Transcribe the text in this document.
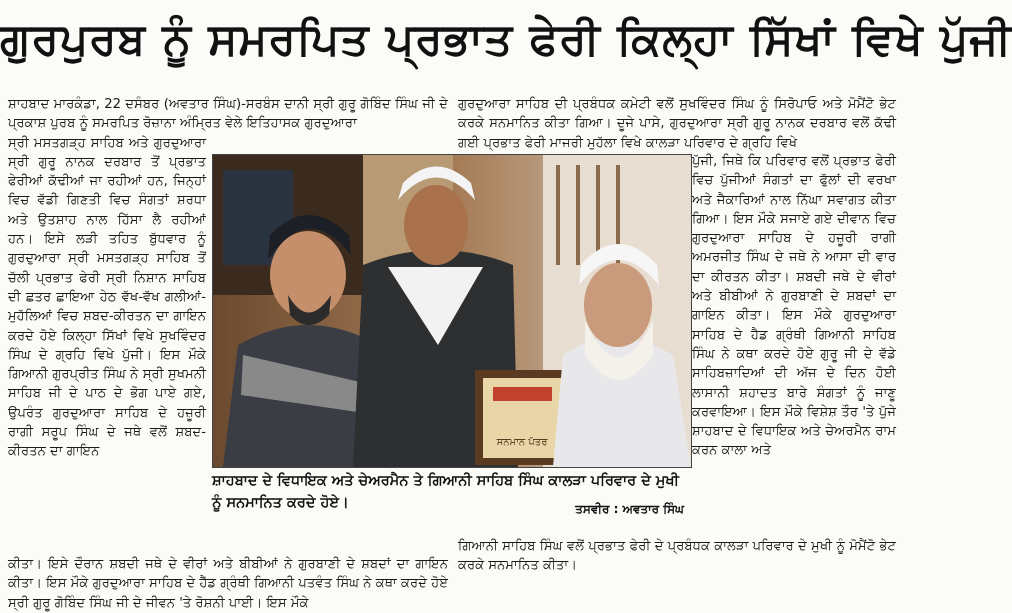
ਗੁਰਪੁਰਬ ਨੂੰ ਸਮਰਪਿਤ ਪ੍ਰਭਾਤ ਫੇਰੀ ਕਿਲ੍ਹਾ ਸਿੱਖਾਂ ਵਿਖੇ ਪੁੱਜੀ

ਸ਼ਾਹਬਾਦ ਮਾਰਕੰਡਾ, 22 ਦਸੰਬਰ (ਅਵਤਾਰ ਸਿੰਘ)-ਸਰਬੰਸ ਦਾਨੀ ਸ੍ਰੀ ਗੁਰੂ ਗੋਬਿੰਦ ਸਿੰਘ ਜੀ ਦੇ ਪ੍ਰਕਾਸ਼ ਪੁਰਬ ਨੂੰ ਸਮਰਪਿਤ ਰੋਜ਼ਾਨਾ ਅੰਮ੍ਰਿਤ ਵੇਲੇ ਇਤਿਹਾਸਕ ਗੁਰਦੁਆਰਾ

ਸ੍ਰੀ ਮਸਤਗੜ੍ਹ ਸਾਹਿਬ ਅਤੇ ਗੁਰਦੁਆਰਾ ਸ੍ਰੀ ਗੁਰੂ ਨਾਨਕ ਦਰਬਾਰ ਤੋਂ ਪ੍ਰਭਾਤ ਫੇਰੀਆਂ ਕੱਢੀਆਂ ਜਾ ਰਹੀਆਂ ਹਨ, ਜਿਨ੍ਹਾਂ ਵਿਚ ਵੱਡੀ ਗਿਣਤੀ ਵਿਚ ਸੰਗਤਾਂ ਸ਼ਰਧਾ ਅਤੇ ਉਤਸ਼ਾਹ ਨਾਲ ਹਿੱਸਾ ਲੈ ਰਹੀਆਂ ਹਨ। ਇਸੇ ਲੜੀ ਤਹਿਤ ਬੁੱਧਵਾਰ ਨੂੰ ਗੁਰਦੁਆਰਾ ਸ੍ਰੀ ਮਸਤਗੜ੍ਹ ਸਾਹਿਬ ਤੋਂ ਚੱਲੀ ਪ੍ਰਭਾਤ ਫੇਰੀ ਸ੍ਰੀ ਨਿਸ਼ਾਨ ਸਾਹਿਬ ਦੀ ਛਤਰ ਛਾਇਆ ਹੇਠ ਵੱਖ-ਵੱਖ ਗਲੀਆਂ-ਮੁਹੱਲਿਆਂ ਵਿਚ ਸ਼ਬਦ-ਕੀਰਤਨ ਦਾ ਗਾਇਨ ਕਰਦੇ ਹੋਏ ਕਿਲ੍ਹਾ ਸਿੱਖਾਂ ਵਿਖੇ ਸੁਖਵਿੰਦਰ ਸਿੰਘ ਦੇ ਗ੍ਰਹਿ ਵਿਖੇ ਪੁੱਜੀ। ਇਸ ਮੌਕੇ ਗਿਆਨੀ ਗੁਰਪ੍ਰੀਤ ਸਿੰਘ ਨੇ ਸ੍ਰੀ ਸੁਖਮਨੀ ਸਾਹਿਬ ਜੀ ਦੇ ਪਾਠ ਦੇ ਭੋਗ ਪਾਏ ਗਏ, ਉਪਰੰਤ ਗੁਰਦੁਆਰਾ ਸਾਹਿਬ ਦੇ ਹਜ਼ੂਰੀ ਰਾਗੀ ਸਰੂਪ ਸਿੰਘ ਦੇ ਜਥੇ ਵਲੋਂ ਸ਼ਬਦ-ਕੀਰਤਨ ਦਾ ਗਾਇਨ

ਗੁਰਦੁਆਰਾ ਸਾਹਿਬ ਦੀ ਪ੍ਰਬੰਧਕ ਕਮੇਟੀ ਵਲੋਂ ਸੁਖਵਿੰਦਰ ਸਿੰਘ ਨੂੰ ਸਿਰੋਪਾਓ ਅਤੇ ਮੋਮੈਂਟੋ ਭੇਟ ਕਰਕੇ ਸਨਮਾਨਿਤ ਕੀਤਾ ਗਿਆ। ਦੂਜੇ ਪਾਸੇ, ਗੁਰਦੁਆਰਾ ਸ੍ਰੀ ਗੁਰੂ ਨਾਨਕ ਦਰਬਾਰ ਵਲੋਂ ਕੱਢੀ ਗਈ ਪ੍ਰਭਾਤ ਫੇਰੀ ਮਾਜਰੀ ਮੁਹੱਲਾ ਵਿਖੇ ਕਾਲੜਾ ਪਰਿਵਾਰ ਦੇ ਗ੍ਰਹਿ ਵਿਖੇ
ਪੁੱਜੀ, ਜਿਥੇ ਕਿ ਪਰਿਵਾਰ ਵਲੋਂ ਪ੍ਰਭਾਤ ਫੇਰੀ ਵਿਚ ਪੁੱਜੀਆਂ ਸੰਗਤਾਂ ਦਾ ਫੁੱਲਾਂ ਦੀ ਵਰਖਾ ਅਤੇ ਜੈਕਾਰਿਆਂ ਨਾਲ ਨਿੱਘਾ ਸਵਾਗਤ ਕੀਤਾ ਗਿਆ। ਇਸ ਮੌਕੇ ਸਜਾਏ ਗਏ ਦੀਵਾਨ ਵਿਚ ਗੁਰਦੁਆਰਾ ਸਾਹਿਬ ਦੇ ਹਜ਼ੂਰੀ ਰਾਗੀ ਅਮਰਜੀਤ ਸਿੰਘ ਦੇ ਜਥੇ ਨੇ ਆਸਾ ਦੀ ਵਾਰ ਦਾ ਕੀਰਤਨ ਕੀਤਾ। ਸ਼ਬਦੀ ਜਥੇ ਦੇ ਵੀਰਾਂ ਅਤੇ ਬੀਬੀਆਂ ਨੇ ਗੁਰਬਾਣੀ ਦੇ ਸ਼ਬਦਾਂ ਦਾ ਗਾਇਨ ਕੀਤਾ। ਇਸ ਮੌਕੇ ਗੁਰਦੁਆਰਾ ਸਾਹਿਬ ਦੇ ਹੈਡ ਗ੍ਰੰਥੀ ਗਿਆਨੀ ਸਾਹਿਬ ਸਿੰਘ ਨੇ ਕਥਾ ਕਰਦੇ ਹੋਏ ਗੁਰੂ ਜੀ ਦੇ ਵੱਡੇ ਸਾਹਿਬਜ਼ਾਦਿਆਂ ਦੀ ਅੱਜ ਦੇ ਦਿਨ ਹੋਈ ਲਾਸਾਨੀ ਸ਼ਹਾਦਤ ਬਾਰੇ ਸੰਗਤਾਂ ਨੂੰ ਜਾਣੂ ਕਰਵਾਇਆ। ਇਸ ਮੌਕੇ ਵਿਸ਼ੇਸ਼ ਤੌਰ 'ਤੇ ਪੁੱਜੇ ਸ਼ਾਹਬਾਦ ਦੇ ਵਿਧਾਇਕ ਅਤੇ ਚੇਅਰਮੈਨ ਰਾਮ ਕਰਨ ਕਾਲਾ ਅਤੇ
ਸਨਮਾਨ ਪੱਤਰ
ਸ਼ਾਹਬਾਦ ਦੇ ਵਿਧਾਇਕ ਅਤੇ ਚੇਅਰਮੈਨ ਤੇ ਗਿਆਨੀ ਸਾਹਿਬ ਸਿੰਘ ਕਾਲੜਾ ਪਰਿਵਾਰ ਦੇ ਮੁਖੀ ਨੂੰ ਸਨਮਾਨਿਤ ਕਰਦੇ ਹੋਏ।	ਤਸਵੀਰ : ਅਵਤਾਰ ਸਿੰਘ
ਕੀਤਾ। ਇਸੇ ਦੌਰਾਨ ਸ਼ਬਦੀ ਜਥੇ ਦੇ ਵੀਰਾਂ ਅਤੇ ਬੀਬੀਆਂ ਨੇ ਗੁਰਬਾਣੀ ਦੇ ਸ਼ਬਦਾਂ ਦਾ ਗਾਇਨ ਕੀਤਾ। ਇਸ ਮੌਕੇ ਗੁਰਦੁਆਰਾ ਸਾਹਿਬ ਦੇ ਹੈੱਡ ਗ੍ਰੰਥੀ ਗਿਆਨੀ ਪਤਵੰਤ ਸਿੰਘ ਨੇ ਕਥਾ ਕਰਦੇ ਹੋਏ ਸ੍ਰੀ ਗੁਰੂ ਗੋਬਿੰਦ ਸਿੰਘ ਜੀ ਦੇ ਜੀਵਨ 'ਤੇ ਰੋਸ਼ਨੀ ਪਾਈ। ਇਸ ਮੌਕੇ
ਗਿਆਨੀ ਸਾਹਿਬ ਸਿੰਘ ਵਲੋਂ ਪ੍ਰਭਾਤ ਫੇਰੀ ਦੇ ਪ੍ਰਬੰਧਕ ਕਾਲੜਾ ਪਰਿਵਾਰ ਦੇ ਮੁਖੀ ਨੂੰ ਮੋਮੈਂਟੋ ਭੇਟ ਕਰਕੇ ਸਨਮਾਨਿਤ ਕੀਤਾ।
